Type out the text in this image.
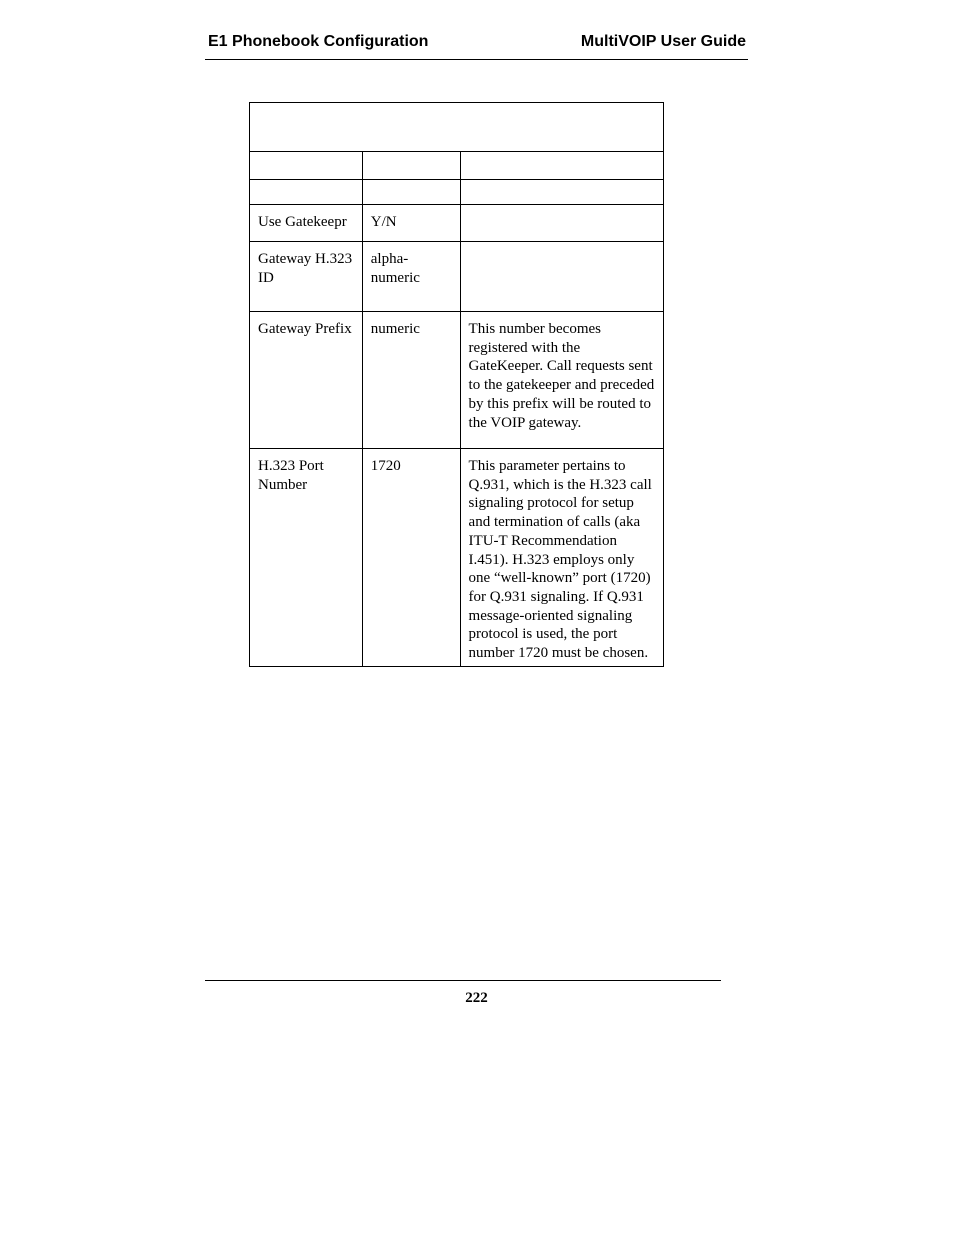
E1 Phonebook Configuration	MultiVOIP User Guide

Use Gatekeepr	Y/N	
Gateway H.323 ID	alpha-numeric	
Gateway Prefix	numeric	This number becomes registered with the GateKeeper. Call requests sent to the gatekeeper and preceded by this prefix will be routed to the VOIP gateway.
H.323 Port Number	1720	This parameter pertains to Q.931, which is the H.323 call signaling protocol for setup and termination of calls (aka ITU-T Recommendation I.451). H.323 employs only one “well-known” port (1720) for Q.931 signaling. If Q.931 message-oriented signaling protocol is used, the port number 1720 must be chosen.
222
